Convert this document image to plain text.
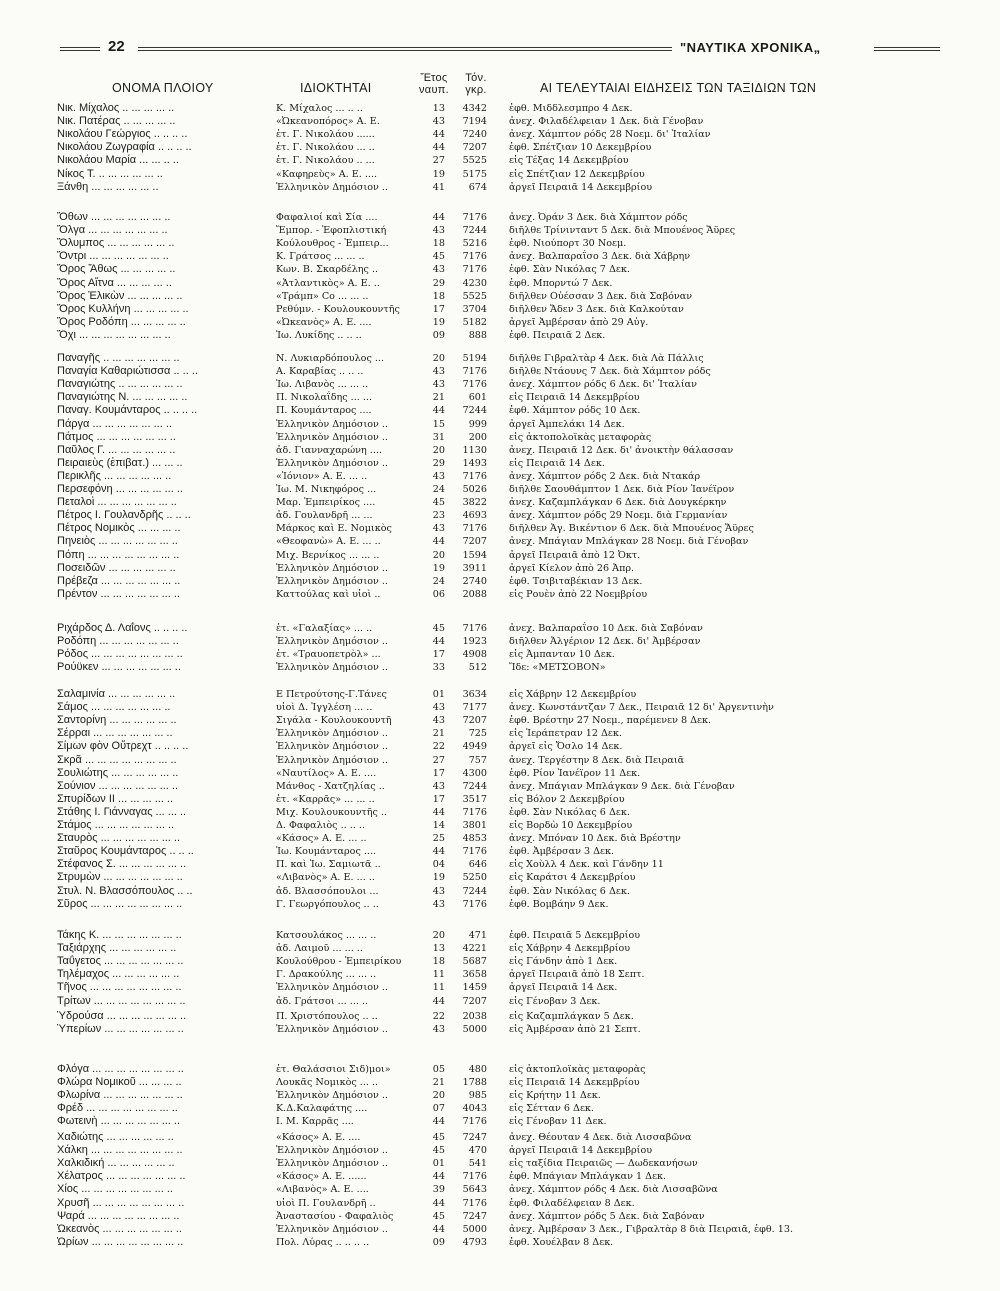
22	"ΝΑΥΤΙΚΑ ΧΡΟΝΙΚΑ„
ΟΝΟΜΑ ΠΛΟΙΟΥ	ΙΔΙΟΚΤΗΤΑΙ
Ἔτος
ναυπ.
Τόν.
γκρ.	ΑΙ ΤΕΛΕΥΤΑΙΑΙ ΕΙΔΗΣΕΙΣ ΤΩΝ ΤΑΞΙΔΙΩΝ ΤΩΝ
Νικ. Μίχαλος .. ... ... ... ..	Κ. Μίχαλος ... .. ..	13	4342 ἐφθ. Μιδδλεσμπρο 4 Δεκ.
Νικ. Πατέρας .. ... ... ... ..	«Ὠκεανοπόρος» Α. Ε.	43	7194 ἀνεχ. Φιλαδέλφειαν 1 Δεκ. διὰ Γένοβαν
Νικολάου Γεώργιος .. .. .. ..	ἑτ. Γ. Νικολάου ......	44	7240 ἀνεχ. Χάμπτον ρόδς 28 Νοεμ. δι' Ἰταλίαν
Νικολάου Ζωγραφία .. .. .. ..	ἑτ. Γ. Νικολάου ... ..	44	7207 ἐφθ. Σπέτζιαν 10 Δεκεμβρίου
Νικολάου Μαρία ... ... .. ..	ἑτ. Γ. Νικολάου .. ...	27	5525 εἰς Τέξας 14 Δεκεμβρίου
Νίκος Τ. .. ... ... ... ... ..	«Καφηρεὺς» Α. Ε. ....	19	5175 εἰς Σπέτζιαν 12 Δεκεμβρίου
Ξάνθη ... ... ... ... ... ..	Ἑλληνικὸν Δημόσιον ..	41	674 ἀργεῖ Πειραιᾶ 14 Δεκεμβρίου
Ὄθων ... ... ... ... ... ... ..	Φαφαλιοί καὶ Σία ....	44	7176 ἀνεχ. Ὀράν 3 Δεκ. διὰ Χάμπτον ρόδς
Ὄλγα ... ... ... ... ... ... ..	Ἔμπορ. - Ἐφοπλιστική	43	7244 διῆλθε Τρίνινταντ 5 Δεκ. διὰ Μπουένος Ἄϋρες
Ὄλυμπος ... ... ... ... ... ..	Κούλουθρος - Ἐμπειρ...	18	5216 ἐφθ. Νιούπορτ 30 Νοεμ.
Ὄντρι ... ... ... ... ... ... ..	Κ. Γράτσος ... ... ..	45	7176 ἀνεχ. Βαλπαραΐσο 3 Δεκ. διὰ Χάβρην
Ὄρος Ἄθως ... ... ... ... ..	Κων. Β. Σκαρδέλης ..	43	7176 ἐφθ. Σὰν Νικόλας 7 Δεκ.
Ὄρος Αἴτνα ... ... ... ... ..	«Ἀτλαντικὸς» Α. Ε. ..	29	4230 ἐφθ. Μπορντώ 7 Δεκ.
Ὄρος Ἑλικὼν ... ... ... ... ..	«Τράμπ» Co ... ... ..	18	5525 διῆλθεν Οὐέσσαν 3 Δεκ. διὰ Σαβόναν
Ὄρος Κυλλήνη ... ... ... ... ..	Ρεθύμν. - Κουλουκουντῆς	17	3704 διῆλθεν Ἄδεν 3 Δεκ. διὰ Καλκούταν
Ὄρος Ροδόπη ... ... ... ... ..	«Ὠκεανὸς» Α. Ε. ....	19	5182 ἀργεῖ Ἀμβέρσαν ἀπὸ 29 Αὐγ.
Ὄχι ... ... ... ... ... ... ... ..	Ἰω. Λυκίδης .. .. ..	09	888 ἐφθ. Πειραιᾶ 2 Δεκ.
Παναγῆς .. ... ... ... ... ... ..	Ν. Λυκιαρδόπουλος ...	20	5194 διῆλθε Γιβραλτὰρ 4 Δεκ. διὰ Λὰ Πάλλις
Παναγία Καθαριώτισσα .. .. ..	Α. Καραβίας .. .. ..	43	7176 διῆλθε Ντάουνς 7 Δεκ. διὰ Χάμπτον ρόδς
Παναγιώτης .. ... ... ... ... ..	Ἰω. Λιβανὸς ... ... ..	43	7176 ἀνεχ. Χάμπτον ρόδς 6 Δεκ. δι' Ἰταλίαν
Παναγιώτης Ν. ... ... ... ... ..	Π. Νικολαΐδης ... ...	21	601 εἰς Πειραιᾶ 14 Δεκεμβρίου
Παναγ. Κουμάνταρος .. .. .. ..	Π. Κουμάνταρος ....	44	7244 ἐφθ. Χάμπτον ρόδς 10 Δεκ.
Πάργα ... ... ... ... ... ... ..	Ἑλληνικὸν Δημόσιον ..	15	999 ἀργεῖ Ἀμπελάκι 14 Δεκ.
Πάτμος ... ... ... ... ... ... ..	Ἑλληνικὸν Δημόσιον ..	31	200 εἰς ἀκτοπολοϊκὰς μεταφορὰς
Παῦλος Γ. ... ... ... ... ... ..	ἀδ. Γιανναχαρώνη ....	20	1130 ἀνεχ. Πειραιᾶ 12 Δεκ. δι' ἀνοικτὴν θάλασσαν
Πειραιεὺς (ἐπιβατ.) ... ... ..	Ἑλληνικὸν Δημόσιον ..	29	1493 εἰς Πειραιᾶ 14 Δεκ.
Περικλῆς ... ... ... ... ... ..	«Ἰόνιον» Α. Ε. ... ..	43	7176 ἀνεχ. Χάμπτον ρόδς 2 Δεκ. διὰ Ντακάρ
Περσεφόνη ... ... ... ... ... ..	Ἰω. Μ. Νικηφόρος ...	24	5026 διῆλθε Σαουθάμπτον 1 Δεκ. διὰ Ρίον Ἰανέϊρον
Πεταλοὶ ... ... ... ... ... ... ..	Μαρ. Ἐμπειρίκος ....	45	3822 ἀνεχ. Καζαμπλάγκαν 6 Δεκ. διὰ Δουγκέρκην
Πέτρος Ι. Γουλανδρῆς .. .. ..	ἀδ. Γουλανδρῆ ... ...	23	4693 ἀνεχ. Χάμπτον ρόδς 29 Νοεμ. διὰ Γερμανίαν
Πέτρος Νομικὸς ... ... ... ..	Μάρκος καὶ Ε. Νομικὸς	43	7176 διῆλθεν Ἀγ. Βικέντιον 6 Δεκ. διὰ Μπουένος Ἄϋρες
Πηνειὸς ... ... ... ... ... ... ..	«Θεοφανὼ» Α. Ε. ... ..	44	7207 ἀνεχ. Μπάγιαν Μπλάγκαν 28 Νοεμ. διὰ Γένοβαν
Πόπη ... ... ... ... ... ... ... ..	Μιχ. Βερνίκος ... ... ..	20	1594 ἀργεῖ Πειραιᾶ ἀπὸ 12 Ὀκτ.
Ποσειδῶν ... ... ... ... ... ..	Ἑλληνικὸν Δημόσιον ..	19	3911 ἀργεῖ Κίελον ἀπὸ 26 Ἀπρ.
Πρέβεζα ... ... ... ... ... ... ..	Ἑλληνικὸν Δημόσιον ..	24	2740 ἐφθ. Τσιβιταβέκιαν 13 Δεκ.
Πρέντον ... ... ... ... ... ... ..	Καττούλας καὶ υἱοὶ ..	06	2088 εἰς Ρουὲν ἀπὸ 22 Νοεμβρίου
Ριχάρδος Δ. Λαΐονς .. .. .. ..	ἑτ. «Γαλαξίας» ... ..	45	7176 ἀνεχ. Βαλπαραΐσο 10 Δεκ. διὰ Σαβόναν
Ροδόπη ... ... ... ... ... ... ..	Ἑλληνικὸν Δημόσιον ..	44	1923 διῆλθεν Ἀλγέριον 12 Δεκ. δι' Ἀμβέρσαν
Ρόδος ... ... ... ... ... ... ... ..	ἑτ. «Τραυοπετρὸλ» ...	17	4908 εἰς Ἀμπανταν 10 Δεκ.
Ρούϋκεν ... ... ... ... ... ... ..	Ἑλληνικὸν Δημόσιον ..	33	512 Ἴδε: «ΜΕΤΣΟΒΟΝ»
Σαλαμινία ... ... ... ... ... ..	Ε Πετρούτσης-Γ.Τάνες	01	3634 εἰς Χάβρην 12 Δεκεμβρίου
Σάμος ... ... ... ... ... ... ..	υἱοὶ Δ. Ἰγγλέση ... ..	43	7177 ἀνεχ. Κωνστάντζαν 7 Δεκ., Πειραιᾶ 12 δι' Ἀργεντινὴν
Σαντορίνη ... ... ... ... ... ..	Σιγάλα - Κουλουκουντῆ	43	7207 ἐφθ. Βρέστην 27 Νοεμ., παρέμενεν 8 Δεκ.
Σέρραι ... ... ... ... ... ... ..	Ἑλληνικὸν Δημόσιον ..	21	725 εἰς Ἱεράπετραν 12 Δεκ.
Σίμων φὸν Οὔτρεχτ .. .. .. ..	Ἑλληνικὸν Δημόσιον ..	22	4949 ἀργεῖ εἰς Ὄσλο 14 Δεκ.
Σκρᾶ ... ... ... ... ... ... ... ..	Ἑλληνικὸν Δημόσιον ..	27	757 ἀνεχ. Τεργέστην 8 Δεκ. διὰ Πειραιᾶ
Σουλιώτης ... ... ... ... ... ..	«Ναυτίλος» Α. Ε. ....	17	4300 ἐφθ. Ρίον Ἰανέϊρον 11 Δεκ.
Σούνιον ... ... ... ... ... ... ..	Μάνθος - Χατζηλίας ..	43	7244 ἀνεχ. Μπάγιαν Μπλάγκαν 9 Δεκ. διὰ Γένοβαν
Σπυρίδων ΙΙ ... ... ... ... ..	ἑτ. «Καρρᾶς» ... ... ..	17	3517 εἰς Βόλον 2 Δεκεμβρίου
Στάθης Ι. Γιάνναγας ... ... ..	Μιχ. Κουλουκουντῆς ..	44	7176 ἐφθ. Σὰν Νικόλας 6 Δεκ.
Στάμος ... ... ... ... ... ... ..	Δ. Φαφαλιὸς .. .. ..	14	3801 εἰς Βορδὼ 10 Δεκεμβρίου
Σταυρὸς ... ... ... ... ... ... ..	«Κάσος» Α. Ε. ... ..	25	4853 ἀνεχ. Μπόναν 10 Δεκ. διὰ Βρέστην
Σταῦρος Κουμάνταρος .. .. ..	Ἰω. Κουμάνταρος ....	44	7176 ἐφθ. Ἀμβέρσαν 3 Δεκ.
Στέφανος Σ. ... ... ... ... ... ..	Π. καὶ Ἰω. Σαμιωτᾶ ..	04	646 εἰς Χοὺλλ 4 Δεκ. καὶ Γάνδην 11
Στρυμὼν ... ... ... ... ... ... ..	«Λιβανὸς» Α. Ε. ... ..	19	5250 εἰς Καράτσι 4 Δεκεμβρίου
Στυλ. Ν. Βλασσόπουλος .. ..	ἀδ. Βλασσόπουλοι ...	43	7244 ἐφθ. Σὰν Νικόλας 6 Δεκ.
Σῦρος ... ... ... ... ... ... ... ..	Γ. Γεωργόπουλος .. ..	43	7176 ἐφθ. Βομβάην 9 Δεκ.
Τάκης Κ. ... ... ... ... ... ... ..	Κατσουλάκος ... ... ..	20	471 ἐφθ. Πειραιᾶ 5 Δεκεμβρίου
Ταξιάρχης ... ... ... ... ... ..	ἀδ. Λαιμοῦ ... ... ..	13	4221 εἰς Χάβρην 4 Δεκεμβρίου
Ταΰγετος ... ... ... ... ... ... ..	Κουλούθρου - Ἐμπειρίκου	18	5687 εἰς Γάνδην ἀπὸ 1 Δεκ.
Τηλέμαχος ... ... ... ... ... ..	Γ. Δρακούλης ... ... ..	11	3658 ἀργεῖ Πειραιᾶ ἀπὸ 18 Σεπτ.
Τῆνος ... ... ... ... ... ... ... ..	Ἑλληνικὸν Δημόσιον ..	11	1459 ἀργεῖ Πειραιᾶ 14 Δεκ.
Τρίτων ... ... ... ... ... ... ... ..	ἀδ. Γράτσοι ... ... ..	44	7207 εἰς Γένοβαν 3 Δεκ.
Ὑδρούσα ... ... ... ... ... ... ..	Π. Χριστόπουλος .. ..	22	2038 εἰς Καζαμπλάγκαν 5 Δεκ.
Ὑπερίων ... ... ... ... ... ... ..	Ἑλληνικὸν Δημόσιον ..	43	5000 εἰς Ἀμβέρσαν ἀπὸ 21 Σεπτ.
Φλόγα ... ... ... ... ... ... ... ..	ἑτ. Θαλάσσιοι Σιδ)μοι»	05	480 εἰς ἀκτοπλοϊκὰς μεταφορὰς
Φλώρα Νομικοῦ ... ... ... ..	Λουκᾶς Νομικὸς ... ..	21	1788 εἰς Πειραιᾶ 14 Δεκεμβρίου
Φλωρίνα ... ... ... ... ... ... ..	Ἑλληνικὸν Δημόσιον ..	20	985 εἰς Κρήτην 11 Δεκ.
Φρέδ ... ... ... ... ... ... ... ..	Κ.Δ.Καλαφάτης ....	07	4043 εἰς Σέτταν 6 Δεκ.
Φωτεινὴ ... ... ... ... ... ... ..	Ι. Μ. Καρρᾶς ....	44	7176 εἰς Γένοβαν 11 Δεκ.
Χαδιώτης ... ... ... ... ... ..	«Κάσος» Α. Ε. ....	45	7247 ἀνεχ. Θέουταν 4 Δεκ. διὰ Λισσαβῶνα
Χάλκη ... ... ... ... ... ... ... ..	Ἑλληνικὸν Δημόσιον ..	45	470 ἀργεῖ Πειραιᾶ 14 Δεκεμβρίου
Χαλκιδική ... ... ... ... ... ..	Ἑλληνικὸν Δημόσιον ..	01	541 εἰς ταξίδια Πειραιῶς — Δωδεκανήσων
Χέλατρος ... ... ... ... ... ... ..	«Κάσος» Α. Ε. ......	44	7176 ἐφθ. Μπάγιαν Μπλάγκαν 1 Δεκ.
Χίος ... ... ... ... ... ... ... ..	«Λιβανὸς» Α. Ε. ....	39	5643 ἀνεχ. Χάμπτον ρόδς 4 Δεκ. διὰ Λισσαβῶνα
Χρυσῆ ... ... ... ... ... ... ... ..	υἱοὶ Π. Γουλανδρῆ ..	44	7176 ἐφθ. Φιλαδέλφειαν 8 Δεκ.
Ψαρά ... ... ... ... ... ... ... ..	Ἀναστασίου - Φαφαλιὸς	45	7247 ἀνεχ. Χάμπτον ρόδς 5 Δεκ. διὰ Σαβόναν
Ὠκεανὸς ... ... ... ... ... ... ..	Ἑλληνικὸν Δημόσιον ..	44	5000 ἀνεχ. Ἀμβέρσαν 3 Δεκ., Γιβραλτὰρ 8 διὰ Πειραιᾶ, ἐφθ. 13.
Ὡρίων ... ... ... ... ... ... ... ..	Πολ. Λύρας .. .. .. ..	09	4793 ἐφθ. Χουέλβαν 8 Δεκ.
